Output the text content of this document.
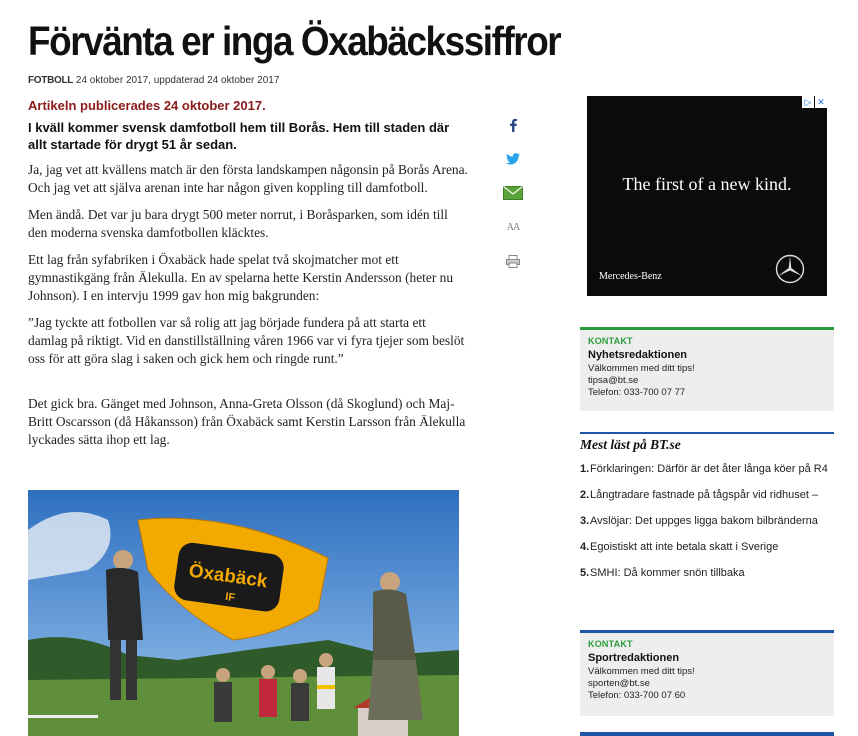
Förvänta er inga Öxabäckssiffror
FOTBOLL 24 oktober 2017, uppdaterad 24 oktober 2017
Artikeln publicerades 24 oktober 2017.
I kväll kommer svensk damfotboll hem till Borås. Hem till staden där allt startade för drygt 51 år sedan.

Ja, jag vet att kvällens match är den första landskampen någonsin på Borås Arena. Och jag vet att själva arenan inte har någon given koppling till damfotboll.

Men ändå. Det var ju bara drygt 500 meter norrut, i Boråsparken, som idén till den moderna svenska damfotbollen kläcktes.

Ett lag från syfabriken i Öxabäck hade spelat två skojmatcher mot ett gymnastikgäng från Älekulla. En av spelarna hette Kerstin Andersson (heter nu Johnson). I en intervju 1999 gav hon mig bakgrunden:

”Jag tyckte att fotbollen var så rolig att jag började fundera på att starta ett damlag på riktigt. Vid en danstillställning våren 1966 var vi fyra tjejer som beslöt oss för att göra slag i saken och gick hem och ringde runt.”

Det gick bra. Gänget med Johnson, Anna-Greta Olsson (då Skoglund) och Maj-Britt Oscarsson (då Håkansson) från Öxabäck samt Kerstin Larsson från Älekulla lyckades sätta ihop ett lag.

Öxabäck
IF
AA
▷ ✕
The first of a new kind.
Mercedes-Benz
KONTAKT
Nyhetsredaktionen
Välkommen med ditt tips!
tipsa@bt.se
Telefon: 033-700 07 77
Mest läst på BT.se
1. Förklaringen: Därför är det åter långa köer på R4
2. Långtradare fastnade på tågspår vid ridhuset –
3. Avslöjar: Det uppges ligga bakom bilbränderna
4. Egoistiskt att inte betala skatt i Sverige
5. SMHI: Då kommer snön tillbaka
KONTAKT
Sportredaktionen
Välkommen med ditt tips!
sporten@bt.se
Telefon: 033-700 07 60
